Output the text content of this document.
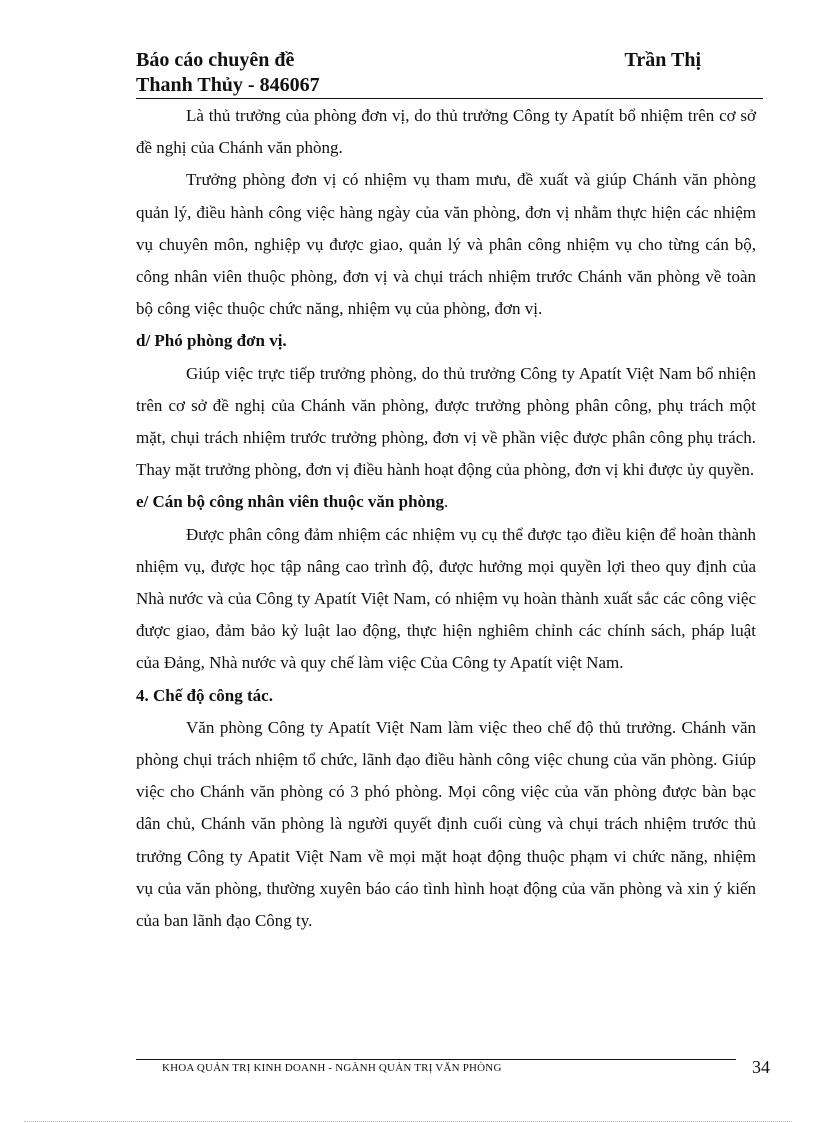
Báo cáo chuyên đề	Trần Thị
Thanh Thủy - 846067

Là thủ trưởng của phòng đơn vị, do thủ trưởng Công ty Apatít bổ nhiệm trên cơ sở đề nghị của Chánh văn phòng.

Trưởng phòng đơn vị có nhiệm vụ tham mưu, đề xuất và giúp Chánh văn phòng quản lý, điều hành công việc hàng ngày của văn phòng, đơn vị nhằm thực hiện các nhiệm vụ chuyên môn, nghiệp vụ được giao, quản lý và phân công nhiệm vụ cho từng cán bộ, công nhân viên thuộc phòng, đơn vị và chụi trách nhiệm trước Chánh văn phòng về toàn bộ công việc thuộc chức năng, nhiệm vụ của phòng, đơn vị.

d/ Phó phòng đơn vị.

Giúp việc trực tiếp trưởng phòng, do thủ trưởng Công ty Apatít Việt Nam bổ nhiện trên cơ sở đề nghị của Chánh văn phòng, được trưởng phòng phân công, phụ trách một mặt, chụi trách nhiệm trước trưởng phòng, đơn vị về phần việc được phân công phụ trách. Thay mặt trưởng phòng, đơn vị điều hành hoạt động của phòng, đơn vị khi được ủy quyền.

e/ Cán bộ công nhân viên thuộc văn phòng.

Được phân công đảm nhiệm các nhiệm vụ cụ thể được tạo điều kiện để hoàn thành nhiệm vụ, được học tập nâng cao trình độ, được hưởng mọi quyền lợi theo quy định của Nhà nước và của Công ty Apatít Việt Nam, có nhiệm vụ hoàn thành xuất sắc các công việc được giao, đảm bảo kỷ luật lao động, thực hiện nghiêm chỉnh các chính sách, pháp luật của Đảng, Nhà nước và quy chế làm việc Của Công ty Apatít việt Nam.

4. Chế độ công tác.

Văn phòng Công ty Apatít Việt Nam làm việc theo chế độ thủ trưởng. Chánh văn phòng chụi trách nhiệm tổ chức, lãnh đạo điều hành công việc chung của văn phòng. Giúp việc cho Chánh văn phòng có 3 phó phòng. Mọi công việc của văn phòng được bàn bạc dân chủ, Chánh văn phòng là người quyết định cuối cùng và chụi trách nhiệm trước thủ trưởng Công ty Apatit Việt Nam về mọi mặt hoạt động thuộc phạm vi chức năng, nhiệm vụ của văn phòng, thường xuyên báo cáo tình hình hoạt động của văn phòng và xin ý kiến của ban lãnh đạo Công ty.

KHOA QUẢN TRỊ KINH DOANH - NGÀNH QUẢN TRỊ VĂN PHÒNG	34
